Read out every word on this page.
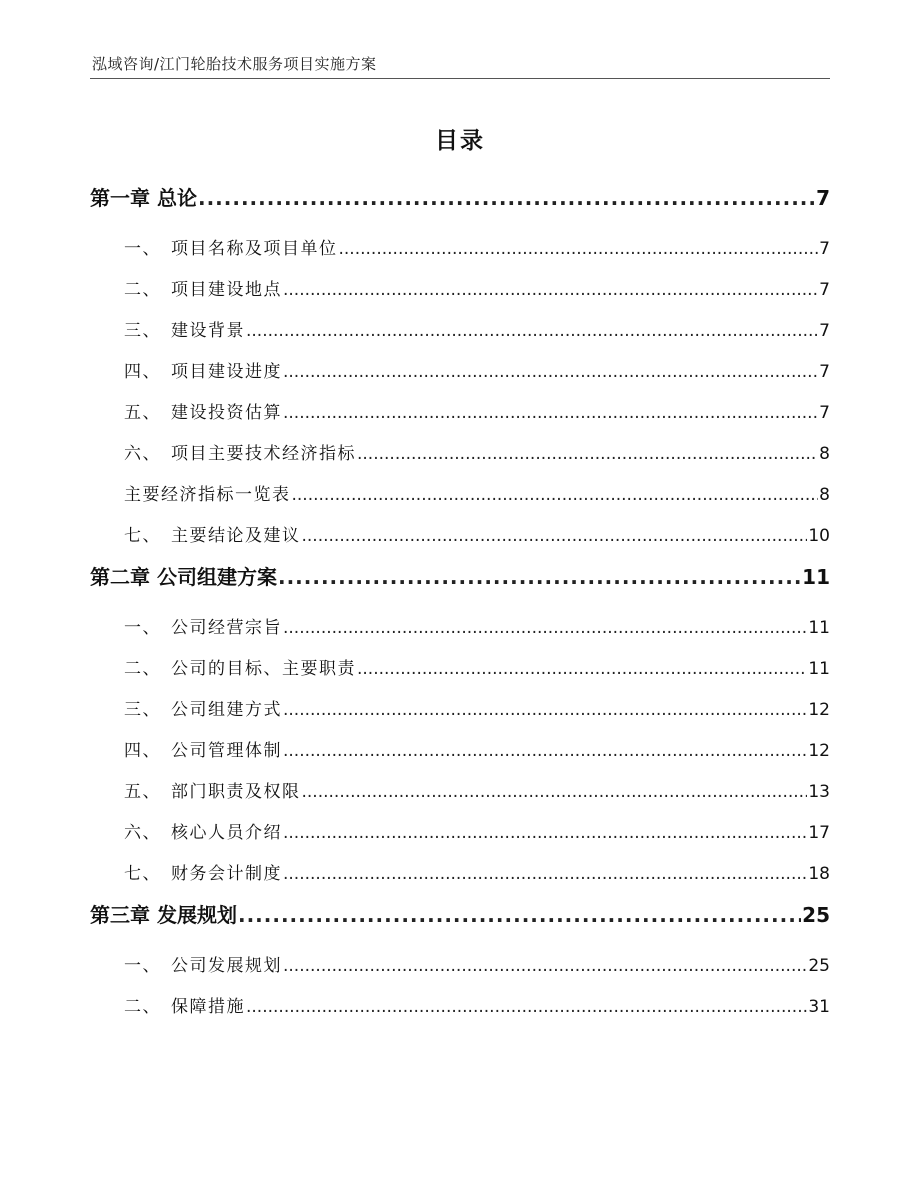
泓域咨询/江门轮胎技术服务项目实施方案
目录
第一章 总论 .....	7
一、 项目名称及项目单位 .....	7
二、 项目建设地点 .....	7
三、 建设背景 .....	7
四、 项目建设进度 .....	7
五、 建设投资估算 .....	7
六、 项目主要技术经济指标 .....	8
主要经济指标一览表 .....	8
七、 主要结论及建议 .....	10
第二章 公司组建方案 .....	11
一、 公司经营宗旨 .....	11
二、 公司的目标、主要职责 .....	11
三、 公司组建方式 .....	12
四、 公司管理体制 .....	12
五、 部门职责及权限 .....	13
六、 核心人员介绍 .....	17
七、 财务会计制度 .....	18
第三章 发展规划 .....	25
一、 公司发展规划 .....	25
二、 保障措施 .....	31
